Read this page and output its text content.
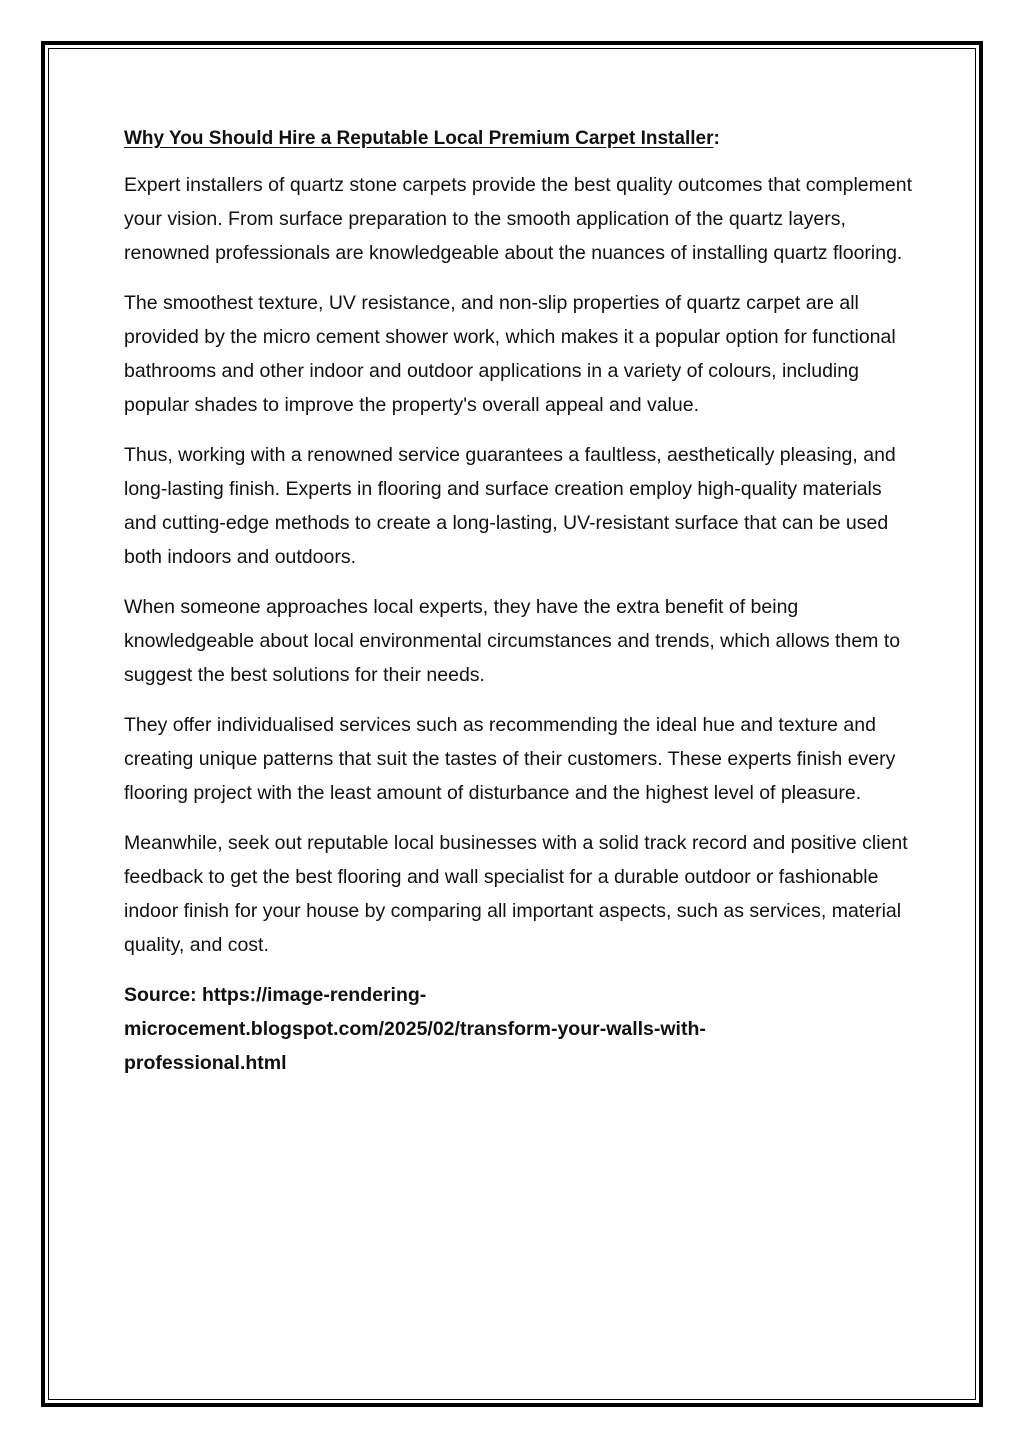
Why You Should Hire a Reputable Local Premium Carpet Installer:

Expert installers of quartz stone carpets provide the best quality outcomes that complement your vision. From surface preparation to the smooth application of the quartz layers, renowned professionals are knowledgeable about the nuances of installing quartz flooring.

The smoothest texture, UV resistance, and non-slip properties of quartz carpet are all provided by the micro cement shower work, which makes it a popular option for functional bathrooms and other indoor and outdoor applications in a variety of colours, including popular shades to improve the property's overall appeal and value.

Thus, working with a renowned service guarantees a faultless, aesthetically pleasing, and long-lasting finish. Experts in flooring and surface creation employ high-quality materials and cutting-edge methods to create a long-lasting, UV-resistant surface that can be used both indoors and outdoors.

When someone approaches local experts, they have the extra benefit of being knowledgeable about local environmental circumstances and trends, which allows them to suggest the best solutions for their needs.

They offer individualised services such as recommending the ideal hue and texture and creating unique patterns that suit the tastes of their customers. These experts finish every flooring project with the least amount of disturbance and the highest level of pleasure.

Meanwhile, seek out reputable local businesses with a solid track record and positive client feedback to get the best flooring and wall specialist for a durable outdoor or fashionable indoor finish for your house by comparing all important aspects, such as services, material quality, and cost.

Source: https://image-rendering-
microcement.blogspot.com/2025/02/transform-your-walls-with-
professional.html
